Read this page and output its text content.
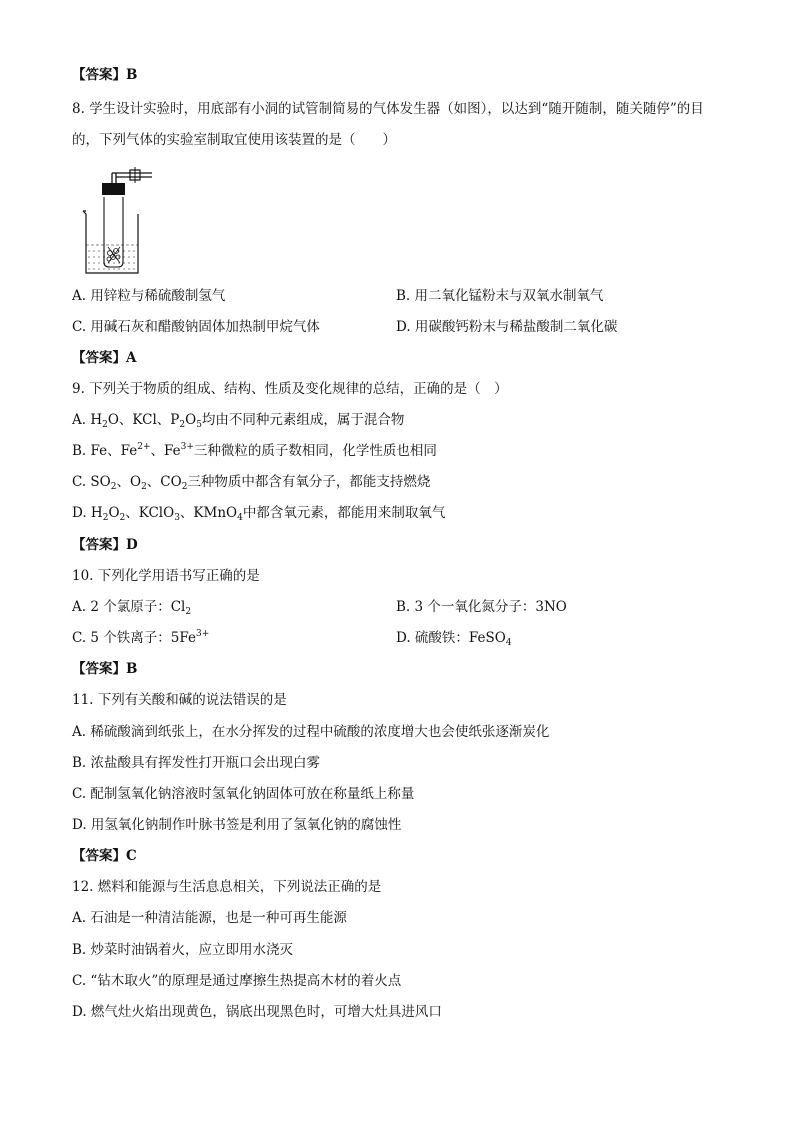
【答案】B
8. 学生设计实验时，用底部有小洞的试管制简易的气体发生器（如图），以达到“随开随制，随关随停”的目
的，下列气体的实验室制取宜使用该装置的是（　　）
A. 用锌粒与稀硫酸制氢气	B. 用二氧化锰粉末与双氧水制氧气
C. 用碱石灰和醋酸钠固体加热制甲烷气体	D. 用碳酸钙粉末与稀盐酸制二氧化碳
【答案】A
9. 下列关于物质的组成、结构、性质及变化规律的总结，正确的是（　）
A. $H_2O$、KCl、$P_2O_5$均由不同种元素组成，属于混合物
B. Fe、$Fe^{2+}$、$Fe^{3+}$三种微粒的质子数相同，化学性质也相同
C. $SO_2$、$O_2$、$CO_2$三种物质中都含有氧分子，都能支持燃烧
D. $H_2O_2$、KClO$_3$、KMnO$_4$中都含氧元素，都能用来制取氧气
【答案】D
10. 下列化学用语书写正确的是
A. 2 个氯原子：$Cl_2$	B. 3 个一氧化氮分子：3NO
C. 5 个铁离子：$5Fe^{3+}$	D. 硫酸铁：FeSO$_4$
【答案】B
11. 下列有关酸和碱的说法错误的是
A. 稀硫酸滴到纸张上，在水分挥发的过程中硫酸的浓度增大也会使纸张逐渐炭化
B. 浓盐酸具有挥发性打开瓶口会出现白雾
C. 配制氢氧化钠溶液时氢氧化钠固体可放在称量纸上称量
D. 用氢氧化钠制作叶脉书签是利用了氢氧化钠的腐蚀性
【答案】C
12. 燃料和能源与生活息息相关，下列说法正确的是
A. 石油是一种清洁能源，也是一种可再生能源
B. 炒菜时油锅着火，应立即用水浇灭
C. “钻木取火”的原理是通过摩擦生热提高木材的着火点
D. 燃气灶火焰出现黄色，锅底出现黑色时，可增大灶具进风口
